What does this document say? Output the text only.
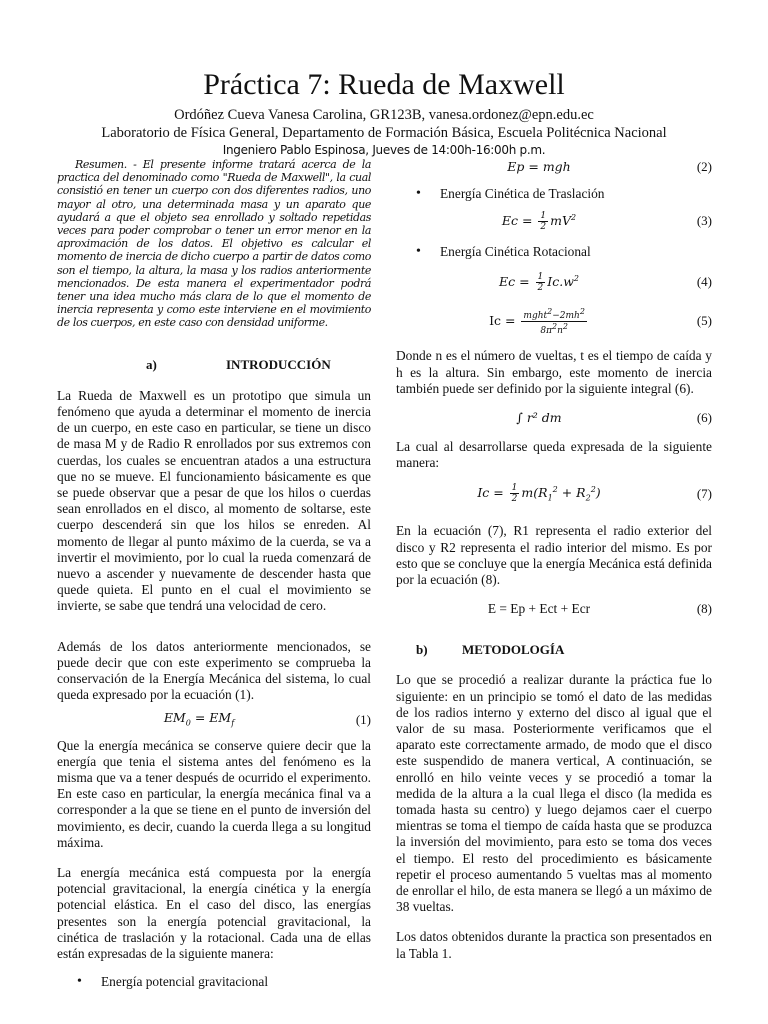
Práctica 7: Rueda de Maxwell
Ordóñez Cueva Vanesa Carolina, GR123B, vanesa.ordonez@epn.edu.ec
Laboratorio de Física General, Departamento de Formación Básica, Escuela Politécnica Nacional
Ingeniero Pablo Espinosa, Jueves de 14:00h-16:00h p.m.

Resumen. - El presente informe tratará acerca de la practica del denominado como "Rueda de Maxwell", la cual consistió en tener un cuerpo con dos diferentes radios, uno mayor al otro, una determinada masa y un aparato que ayudará a que el objeto sea enrollado y soltado repetidas veces para poder comprobar o tener un error menor en la aproximación de los datos. El objetivo es calcular el momento de inercia de dicho cuerpo a partir de datos como son el tiempo, la altura, la masa y los radios anteriormente mencionados. De esta manera el experimentador podrá tener una idea mucho más clara de lo que el momento de inercia representa y como este interviene en el movimiento de los cuerpos, en este caso con densidad uniforme.

a)	INTRODUCCIÓN

La Rueda de Maxwell es un prototipo que simula un fenómeno que ayuda a determinar el momento de inercia de un cuerpo, en este caso en particular, se tiene un disco de masa M y de Radio R enrollados por sus extremos con cuerdas, los cuales se encuentran atados a una estructura que no se mueve. El funcionamiento básicamente es que se puede observar que a pesar de que los hilos o cuerdas sean enrollados en el disco, al momento de soltarse, este cuerpo descenderá sin que los hilos se enreden. Al momento de llegar al punto máximo de la cuerda, se va a invertir el movimiento, por lo cual la rueda comenzará de nuevo a ascender y nuevamente de descender hasta que quede quieta. El punto en el cual el movimiento se invierte, se sabe que tendrá una velocidad de cero.

Además de los datos anteriormente mencionados, se puede decir que con este experimento se comprueba la conservación de la Energía Mecánica del sistema, lo cual queda expresado por la ecuación (1).

$EM_0 = EM_f$	(1)

Que la energía mecánica se conserve quiere decir que la energía que tenia el sistema antes del fenómeno es la misma que va a tener después de ocurrido el experimento. En este caso en particular, la energía mecánica final va a corresponder a la que se tiene en el punto de inversión del movimiento, es decir, cuando la cuerda llega a su longitud máxima.

La energía mecánica está compuesta por la energía potencial gravitacional, la energía cinética y la energía potencial elástica. En el caso del disco, las energías presentes son la energía potencial gravitacional, la cinética de traslación y la rotacional. Cada una de ellas están expresadas de la siguiente manera:

• Energía potencial gravitacional
Ep = mgh	(2)
• Energía Cinética de Traslación
$Ec = \frac{1}{2} mV^2$	(3)
• Energía Cinética Rotacional
$Ec = \frac{1}{2} Ic.w^2$	(4)
$Ic = \frac{mght^2-2mh^2}{8\pi^2n^2}$	(5)

Donde n es el número de vueltas, t es el tiempo de caída y h es la altura. Sin embargo, este momento de inercia también puede ser definido por la siguiente integral (6).

∫ r² dm	(6)

La cual al desarrollarse queda expresada de la siguiente manera:

$Ic = \frac{1}{2} m(R_1^2 + R_2^2)$	(7)

En la ecuación (7), R1 representa el radio exterior del disco y R2 representa el radio interior del mismo. Es por esto que se concluye que la energía Mecánica está definida por la ecuación (8).

E = Ep + Ect + Ecr	(8)
b)	METODOLOGÍA

Lo que se procedió a realizar durante la práctica fue lo siguiente: en un principio se tomó el dato de las medidas de los radios interno y externo del disco al igual que el valor de su masa. Posteriormente verificamos que el aparato este correctamente armado, de modo que el disco este suspendido de manera vertical, A continuación, se enrolló en hilo veinte veces y se procedió a tomar la medida de la altura a la cual llega el disco (la medida es tomada hasta su centro) y luego dejamos caer el cuerpo mientras se toma el tiempo de caída hasta que se produzca la inversión del movimiento, para esto se toma dos veces el tiempo. El resto del procedimiento es básicamente repetir el proceso aumentando 5 vueltas mas al momento de enrollar el hilo, de esta manera se llegó a un máximo de 38 vueltas.

Los datos obtenidos durante la practica son presentados en la Tabla 1.
